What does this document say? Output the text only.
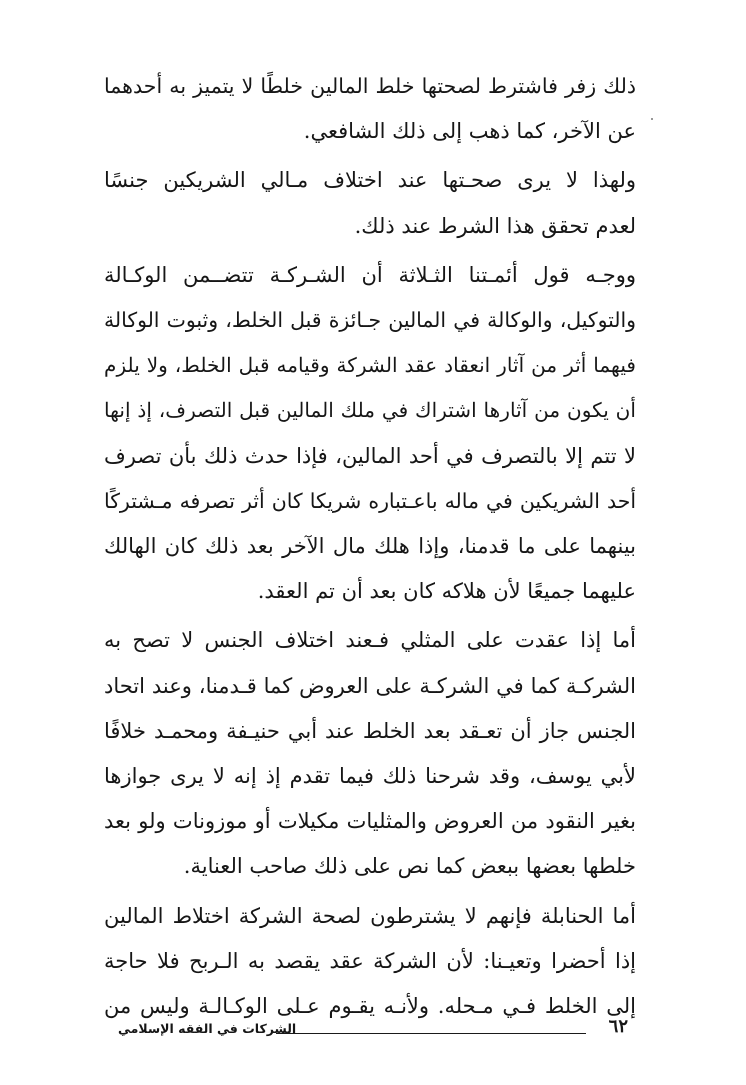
ذلك زفر فاشترط لصحتها خلط المالين خلطًا لا يتميز به أحدهما
عن الآخر، كما ذهب إلى ذلك الشافعي.

ولهذا لا يرى صحـتها عند اختلاف مـالي الشريكين جنسًا
لعدم تحقق هذا الشرط عند ذلك.

ووجـه قول أئمـتنا الثـلاثة أن الشـركـة تتضــمن الوكـالة
والتوكيل، والوكالة في المالين جـائزة قبل الخلط، وثبوت الوكالة
فيهما أثر من آثار انعقاد عقد الشركة وقيامه قبل الخلط، ولا يلزم
أن يكون من آثارها اشتراك في ملك المالين قبل التصرف، إذ إنها
لا تتم إلا بالتصرف في أحد المالين، فإذا حدث ذلك بأن تصرف
أحد الشريكين في ماله باعـتباره شريكا كان أثر تصرفه مـشتركًا
بينهما على ما قدمنا، وإذا هلك مال الآخر بعد ذلك كان الهالك
عليهما جميعًا لأن هلاكه كان بعد أن تم العقد.

أما إذا عقدت على المثلي فـعند اختلاف الجنس لا تصح به
الشركـة كما في الشركـة على العروض كما قـدمنا، وعند اتحاد
الجنس جاز أن تعـقد بعد الخلط عند أبي حنيـفة ومحمـد خلافًا
لأبي يوسف، وقد شرحنا ذلك فيما تقدم إذ إنه لا يرى جوازها
بغير النقود من العروض والمثليات مكيلات أو موزونات ولو بعد
خلطها بعضها ببعض كما نص على ذلك صاحب العناية.

أما الحنابلة فإنهم لا يشترطون لصحة الشركة اختلاط المالين
إذا أحضرا وتعيـنا: لأن الشركة عقد يقصد به الـربح فلا حاجة
إلى الخلط فـي مـحله. ولأنـه يقـوم عـلى الوكـالـة وليس من

٦٢
الشركات في الفقه الإسلامي
